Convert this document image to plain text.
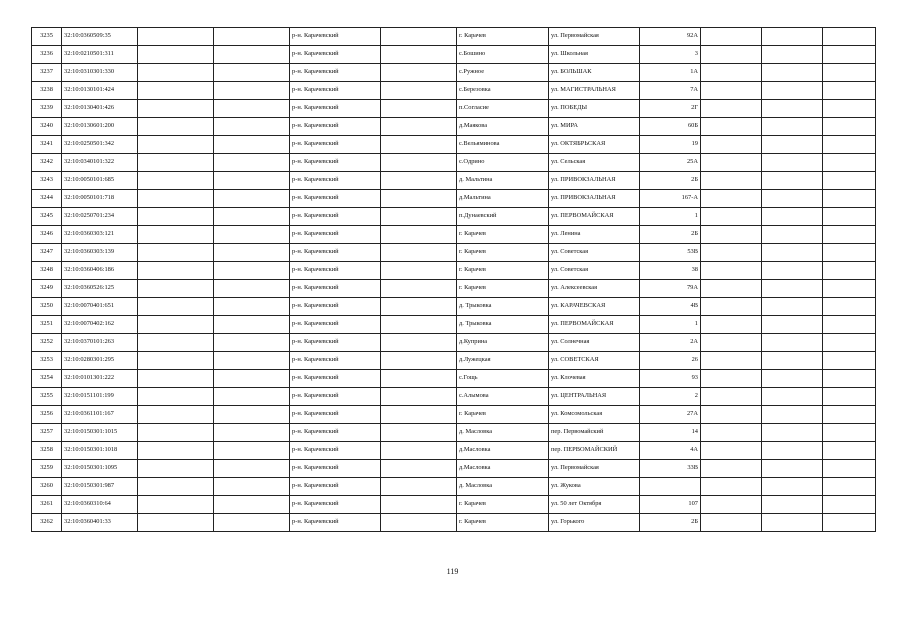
3235	32:10:0360509:35			р-н. Карачевский		г. Карачев	ул. Первомайская	92А			
3236	32:10:0210501:311			р-н. Карачевский		с.Бошино	ул. Школьная	3			
3237	32:10:0310301:330			р-н. Карачевский		с.Ружное	ул. БОЛЬШАК	1А			
3238	32:10:0130101:424			р-н. Карачевский		с.Березовка	ул. МАГИСТРАЛЬНАЯ	7А			
3239	32:10:0130401:426			р-н. Карачевский		п.Согласие	ул. ПОБЕДЫ	2Г			
3240	32:10:0130601:200			р-н. Карачевский		д.Маякова	ул. МИРА	60Б			
3241	32:10:0250501:342			р-н. Карачевский		с.Вельяминова	ул. ОКТЯБРЬСКАЯ	19			
3242	32:10:0340101:322			р-н. Карачевский		с.Одрино	ул. Сельская	25А			
3243	32:10:0050101:685			р-н. Карачевский		д. Мальтина	ул. ПРИВОКЗАЛЬНАЯ	2Б			
3244	32:10:0050101:718			р-н. Карачевский		д.Мальтина	ул. ПРИВОКЗАЛЬНАЯ	167-А			
3245	32:10:0250701:234			р-н. Карачевский		п.Дунаевский	ул. ПЕРВОМАЙСКАЯ	1			
3246	32:10:0360303:121			р-н. Карачевский		г. Карачев	ул. Ленина	2Б			
3247	32:10:0360303:139			р-н. Карачевский		г. Карачев	ул. Советская	53В			
3248	32:10:0360406:186			р-н. Карачевский		г. Карачев	ул. Советская	38			
3249	32:10:0360526:125			р-н. Карачевский		г. Карачев	ул. Алексеевская	79А			
3250	32:10:0070401:651			р-н. Карачевский		д. Трыковка	ул. КАРАЧЕВСКАЯ	4В			
3251	32:10:0070402:162			р-н. Карачевский		д. Трыковка	ул. ПЕРВОМАЙСКАЯ	1			
3252	32:10:0370101:263			р-н. Карачевский		д.Куприна	ул. Солнечная	2А			
3253	32:10:0280301:295			р-н. Карачевский		д.Лужецкая	ул. СОВЕТСКАЯ	26			
3254	32:10:0101301:222			р-н. Карачевский		с.Гощь	ул. Клочевая	93			
3255	32:10:0151101:199			р-н. Карачевский		с.Алымова	ул. ЦЕНТРАЛЬНАЯ	2			
3256	32:10:0361101:167			р-н. Карачевский		г. Карачев	ул. Комсомольская	27А			
3257	32:10:0150301:1015			р-н. Карачевский		д. Масловка	пер. Первомайский	14			
3258	32:10:0150301:1018			р-н. Карачевский		д.Масловка	пер. ПЕРВОМАЙСКИЙ	4А			
3259	32:10:0150301:1095			р-н. Карачевский		д.Масловка	ул. Первомайская	33В			
3260	32:10:0150301:987			р-н. Карачевский		д. Масловка	ул. Жукова				
3261	32:10:0360310:64			р-н. Карачевский		г. Карачев	ул. 50 лет Октября	107			
3262	32:10:0360401:33			р-н. Карачевский		г. Карачев	ул. Горького	2Б			
119
